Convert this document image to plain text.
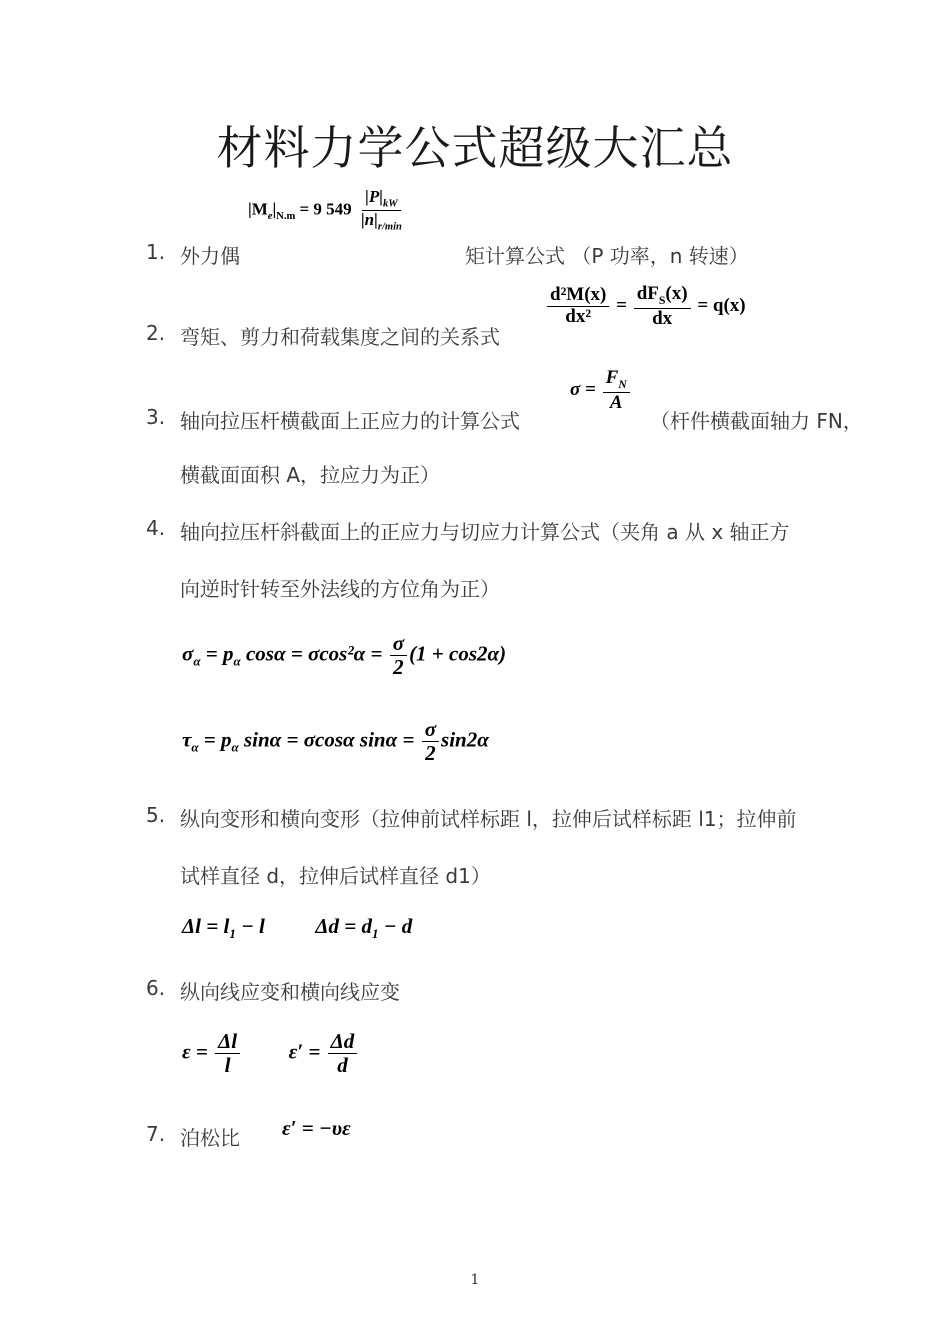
材料力学公式超级大汇总
1. 外力偶
$|M_e|_{N.m} = 9$ $549 \frac{|P|_{kW}}{|n|_{r/min}}$
矩计算公式 （P 功率，n 转速）
2. 弯矩、剪力和荷载集度之间的关系式
$\frac{\text{d²M(x)}}{\text{dx²}} = \frac{dF_S(x)}{dx} = q(x)$
3. 轴向拉压杆横截面上正应力的计算公式
$\sigma = \frac{F_N}{A}$
（杆件横截面轴力 FN，
横截面面积 A，拉应力为正）
4. 轴向拉压杆斜截面上的正应力与切应力计算公式（夹角 a 从 x 轴正方
向逆时针转至外法线的方位角为正）
$\sigma_\alpha = p_\alpha$ $\cos\alpha = \sigma\cos^2\alpha = \frac{\sigma}{2} (1 + \cos 2\alpha)$
$\tau_\alpha = p_\alpha$ sinα = σcosα $\sin\alpha = \frac{\sigma}{2} \sin 2\alpha$
5. 纵向变形和横向变形（拉伸前试样标距 l，拉伸后试样标距 l1；拉伸前
试样直径 d，拉伸后试样直径 d1）
$\Delta l = l_1 - l$ $\Delta d = d_1 - d$
6. 纵向线应变和横向线应变
$\varepsilon = \frac{\Delta l}{l} \varepsilon' = \frac{\Delta d}{d}$
7. 泊松比 ε′ = −υε
1
